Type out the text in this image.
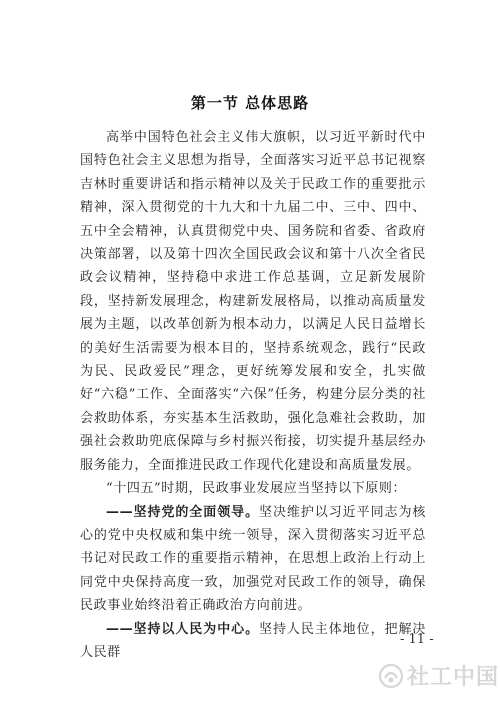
第一节 总体思路

高举中国特色社会主义伟大旗帜，以习近平新时代中国特色社会主义思想为指导，全面落实习近平总书记视察吉林时重要讲话和指示精神以及关于民政工作的重要批示精神，深入贯彻党的十九大和十九届二中、三中、四中、五中全会精神，认真贯彻党中央、国务院和省委、省政府决策部署，以及第十四次全国民政会议和第十八次全省民政会议精神，坚持稳中求进工作总基调，立足新发展阶段，坚持新发展理念，构建新发展格局，以推动高质量发展为主题，以改革创新为根本动力，以满足人民日益增长的美好生活需要为根本目的，坚持系统观念，践行“民政为民、民政爱民”理念，更好统筹发展和安全，扎实做好“六稳”工作、全面落实“六保”任务，构建分层分类的社会救助体系，夯实基本生活救助，强化急难社会救助，加强社会救助兜底保障与乡村振兴衔接，切实提升基层经办服务能力，全面推进民政工作现代化建设和高质量发展。

“十四五”时期，民政事业发展应当坚持以下原则：

——坚持党的全面领导。坚决维护以习近平同志为核心的党中央权威和集中统一领导，深入贯彻落实习近平总书记对民政工作的重要指示精神，在思想上政治上行动上同党中央保持高度一致，加强党对民政工作的领导，确保民政事业始终沿着正确政治方向前进。

——坚持以人民为中心。坚持人民主体地位，把解决人民群

- 11 -
社工中国
